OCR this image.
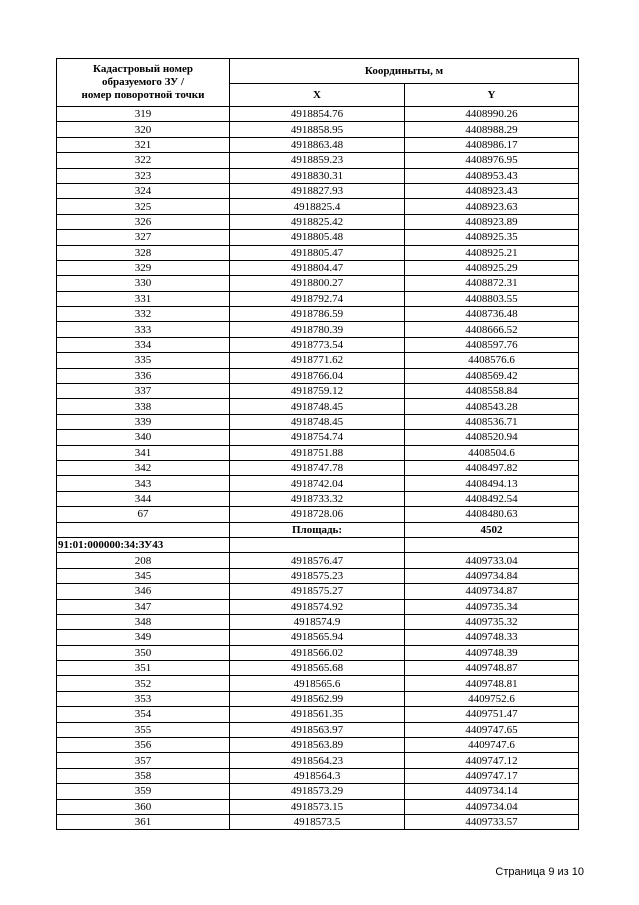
Кадастровый номер
образуемого ЗУ /
номер поворотной точки	Координыты, м	
	X	Y
319	4918854.76	4408990.26
320	4918858.95	4408988.29
321	4918863.48	4408986.17
322	4918859.23	4408976.95
323	4918830.31	4408953.43
324	4918827.93	4408923.43
325	4918825.4	4408923.63
326	4918825.42	4408923.89
327	4918805.48	4408925.35
328	4918805.47	4408925.21
329	4918804.47	4408925.29
330	4918800.27	4408872.31
331	4918792.74	4408803.55
332	4918786.59	4408736.48
333	4918780.39	4408666.52
334	4918773.54	4408597.76
335	4918771.62	4408576.6
336	4918766.04	4408569.42
337	4918759.12	4408558.84
338	4918748.45	4408543.28
339	4918748.45	4408536.71
340	4918754.74	4408520.94
341	4918751.88	4408504.6
342	4918747.78	4408497.82
343	4918742.04	4408494.13
344	4918733.32	4408492.54
67	4918728.06	4408480.63
	Площадь:	4502
91:01:000000:34:ЗУ43		
208	4918576.47	4409733.04
345	4918575.23	4409734.84
346	4918575.27	4409734.87
347	4918574.92	4409735.34
348	4918574.9	4409735.32
349	4918565.94	4409748.33
350	4918566.02	4409748.39
351	4918565.68	4409748.87
352	4918565.6	4409748.81
353	4918562.99	4409752.6
354	4918561.35	4409751.47
355	4918563.97	4409747.65
356	4918563.89	4409747.6
357	4918564.23	4409747.12
358	4918564.3	4409747.17
359	4918573.29	4409734.14
360	4918573.15	4409734.04
361	4918573.5	4409733.57
Страница 9 из 10
